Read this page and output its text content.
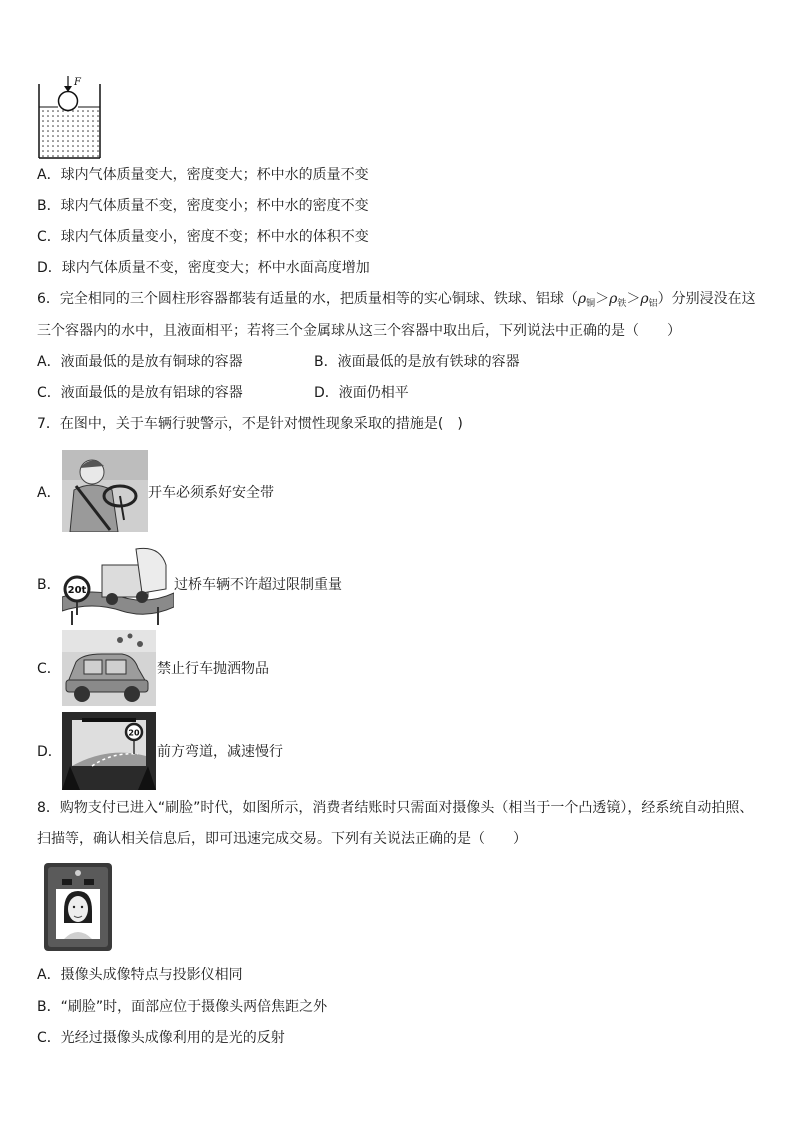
F
A．球内气体质量变大，密度变大；杯中水的质量不变
B．球内气体质量不变，密度变小；杯中水的密度不变
C．球内气体质量变小，密度不变；杯中水的体积不变
D．球内气体质量不变，密度变大；杯中水面高度增加
6．完全相同的三个圆柱形容器都装有适量的水，把质量相等的实心铜球、铁球、铝球$(\rho_铜>\rho_铁>\rho_铝)$分别浸没在这
三个容器内的水中，且液面相平；若将三个金属球从这三个容器中取出后，下列说法中正确的是（　　）
A．液面最低的是放有铜球的容器	B．液面最低的是放有铁球的容器
C．液面最低的是放有铝球的容器	D．液面仍相平
7．在图中，关于车辆行驶警示，不是针对惯性现象采取的措施是(　)
A．	开车必须系好安全带
B． 20t	过桥车辆不许超过限制重量
C．	禁止行车抛洒物品
D．
20
前方弯道，减速慢行
8．购物支付已进入“刷脸”时代，如图所示，消费者结账时只需面对摄像头（相当于一个凸透镜），经系统自动拍照、
扫描等，确认相关信息后，即可迅速完成交易。下列有关说法正确的是（　　）
A．摄像头成像特点与投影仪相同
B．“刷脸”时，面部应位于摄像头两倍焦距之外
C．光经过摄像头成像利用的是光的反射
